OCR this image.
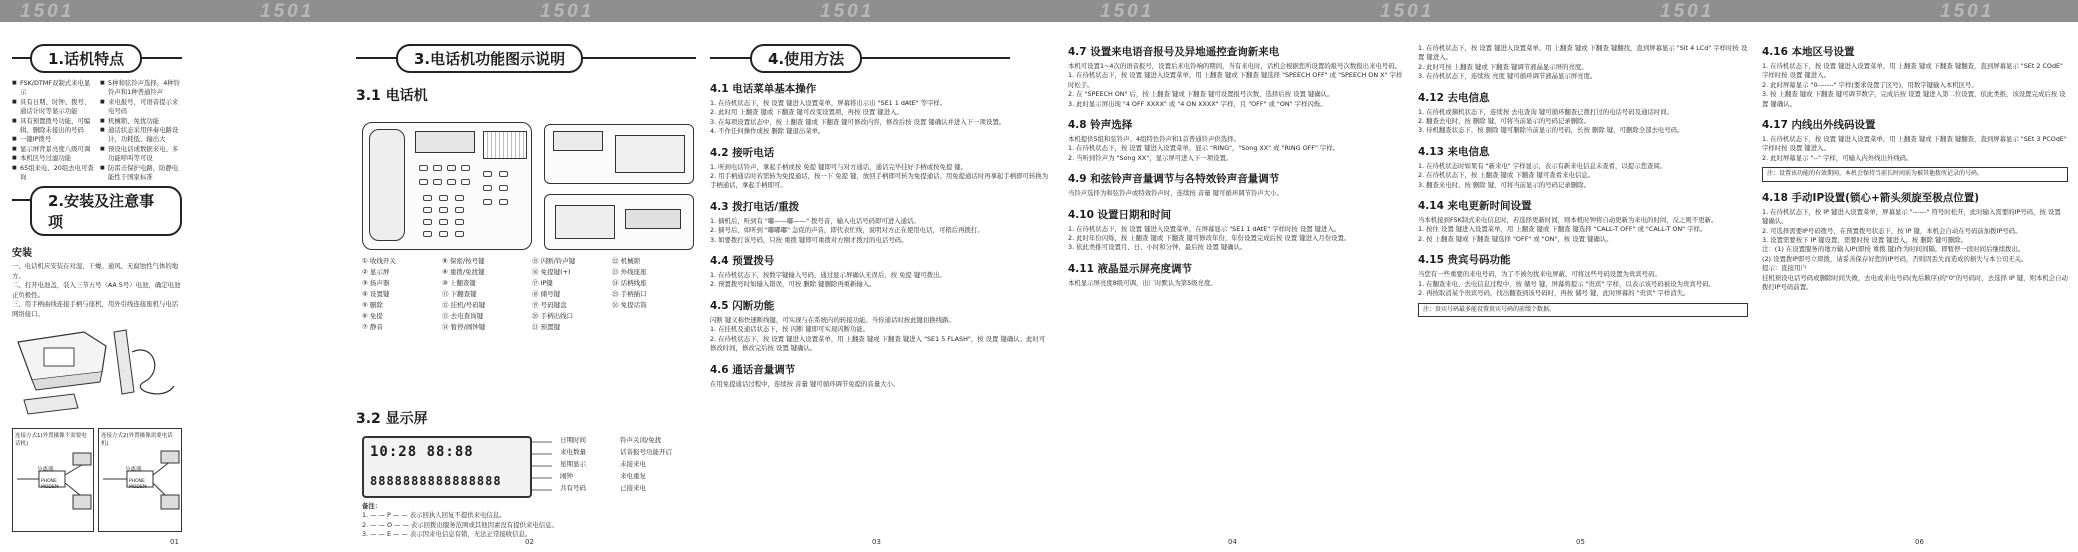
1501	1501	1501	1501	1501	1501	1501	1501
1.话机特点
■ FSK/DTMF双制式来电显示
■ 具有日期、时钟、拨号、通话计时等显示功能
■ 具有预置拨号功能，可编辑、删除未接出的号码
■ 一键IP拨号
■ 显示屏背景亮度八级可调
■ 本机区号过滤功能
■ 65组来电、20组去电可查询
■ 5种和弦铃声选择，4种铃铃声和1种普通铃声
■ 来电报号，可语音提示来电号码
■ 机械锁、免扰功能
■ 通话状态采用伴奏电路设计，功耗低、输出大
■ 预设电话或数据来电、多功能呼叫等可设
■ 防雷击保护电路，防静电能性于国家标准
2.安装及注意事项
安装
一、电话机应安装在对湿、干燥、通风、无腐蚀性气体的地方。
二、打开电池盖，装入三节五号（AA 5号）电池，确定电池正负极性。
三、用手柄曲线连接手柄与座机，用外引线连接座机与电话网络接口。
连接方式1(外置摄像不需要电话机)
分离器
PHONE
MODEM
连接方式2(外置摄像需要电话机)
分离器
PHONE
MODEM
01
3.电话机功能图示说明
3.1 电话机
① 收线开关	⑧ 保密/按号键	⑮ 闪断/铃声键	㉒ 机械锁
② 显示屏	⑨ 重拨/免扰键	⑯ 免提键(+)	㉓ 外线座座
③ 扬声器	⑩ 上翻查键	⑰ IP键	㉔ 话柄线座
④ 设置键	⑪ 下翻查键	⑱ 储号键	㉕ 手柄插口
⑤ 删除	⑫ 挂机/号码键	⑲ 号码键盘	㉖ 免提话筒
⑥ 免提	⑬ 去电查询键	⑳ 手柄出线口
⑦ 静音	⑭ 暂停/闹钟键	㉑ 预置键
3.2 显示屏
10:28 88:88
8888888888888888
日期时间
来电数量
星期显示
闹钟
共有号码
铃声关闭/免扰
话音报号功能开启
未接来电
来电重复
已接来电
备注：
1. — — P — — 表示回执人回复不提供来电信息。
2. — — O — — 表示回拨出服务范围或其他因素没有提供来电信息。
3. — — E — — 表示因来电信息有错，无法正常接收信息。
02
4.使用方法
4.1 电话菜单基本操作
1. 在待机状态下，按 设置 键进入设置菜单，屏幕将出示出 "SE1 1 dAtE" 等字样。
2. 此时用 上翻查 键或 下翻查 键可改变设置项，再按 设置 键进入。
3. 在每项设置状态中，按 上翻查 键或 下翻查 键可修改内容，修改后按 设置 键确认并进入下一项设置。
4. 不作任何操作或按 删除 键退出菜单。
4.2 接听电话
1. 听到电话铃声，拿起手柄或按 免提 键即可与对方通话，通话完毕挂好手柄或按免提 键。
2. 用手柄通话时若需转为免提通话，按一下 免提 键，放回手柄即可转为免提通话；用免提通话时再拿起手柄即可转换为手柄通话，拿起手柄即可。
4.3 拨打电话/重拨
1. 摘机后，听到有 "嘟——嘟——" 拨号音，输入电话号码即可进入通话。
2. 摘号后，如听到 "嘟嘟嘟" 急促的声音，即代表忙线，说明对方正在使用电话，可稍后再拨打。
3. 如要拨打该号码，只按 重拨 键即可重拨对方刚才拨过的电话号码。
4.4 预置拨号
1. 在待机状态下，按数字键输入号码，通过显示屏确认无误后，按 免提 键可拨出。
2. 预置拨号时如输入错误，可按 删除 键删除再重新输入。
4.5 闪断功能
闪断 键又称快速断线键，可实现与在系统内的转接功能。当你通话时按此键切换线路。
1. 在挂机及通话状态下，按 闪断 键即可实现闪断功能。
2. 在待机状态下，按 设置 键进入设置菜单，用 上翻查 键或 下翻查 键进入 "SE1 5 FLASH"，按 设置 键确认；此时可修改时间，修改完后按 设置 键确认。
4.6 通话音量调节
在用免提通话过程中，连续按 音量 键可循环调节免提的音量大小。
03
4.7 设置来电语音报号及异地遥控查询新来电
本机可设置1~4次的语音报号，设置后来电铃响的期间，当有来电时，话机会根据您所设置的报号次数报出来电号码。
1. 在待机状态下，按 设置 键进入设置菜单，用 上翻查 键或 下翻查 键选择 "SPEECH OFF" 或 "SPEECH ON X" 字样时松手。
2. 在 "SPEECH ON" 后，按 上翻查 键或 下翻查 键可设置报号次数，选择后按 设置 键确认。
3. 此时显示屏出现 "4 OFF XXXX" 或 "4 ON XXXX" 字样，且 "OFF" 或 "ON" 字样闪烁。
4.8 铃声选择
本机提供5组和弦铃声、4组特色铃声和1首普通铃声供选择。
1. 在待机状态下，按 设置 键进入设置菜单，显示 "RING"，"Song XX" 或 "RING OFF" 字样。
2. 当听到铃声为 "Song XX"，显示屏可进入下一项设置。
4.9 和弦铃声音量调节与各特效铃声音量调节
当铃声选择为和弦铃声或特效铃声时，连续按 音量 键可循环调节铃声大小。
4.10 设置日期和时间
1. 在待机状态下，按 设置 键进入设置菜单，在屏幕显示 "SE1 1 dAtE" 字样时按 设置 键进入。
2. 此时年份闪烁，按 上翻查 键或 下翻查 键可修改年份，年份设置完成后按 设置 键进入月份设置。
3. 依此类推可设置月、日、小时和分钟，最后按 设置 键确认。
4.11 液晶显示屏亮度调节
本机显示屏亮度8级可调，出厂时默认为第5级亮度。
04
1. 在待机状态下，按 设置 键进入设置菜单，用 上翻查 键或 下翻查 键翻找，直到屏幕显示 "Slt 4 LCd" 字样时按 设置 键进入。
2. 此时可按 上翻查 键或 下翻查 键调节液晶显示屏的亮度。
3. 在待机状态下，连续按 亮度 键可循环调节液晶显示屏亮度。
4.12 去电信息
1. 在待机或摘机状态下，连续按 去电查询 键可循环翻查已拨打过的电话号码及通话时间。
2. 翻查去电时，按 删除 键，可将当前显示的号码记录删除。
3. 待机翻查状态下，按 删除 键可删除当前显示的号码，长按 删除 键，可删除全部去电号码。
4.13 来电信息
1. 在待机状态时如果有 "新来电" 字样显示，表示有新来电信息未查看，以提示您查阅。
2. 在待机状态下，按 上翻查 键或 下翻查 键可查看来电信息。
3. 翻查来电时，按 删除 键，可将当前显示的号码记录删除。
4.14 来电更新时间设置
当本机接到FSK制式来电信息时，若选择更新时间，则本机时钟将自动更新为来电的时间，反之则不更新。
1. 按住 设置 键进入设置菜单，用 上翻查 键或 下翻查 键选择 "CALL-T OFF" 或 "CALL-T ON" 字样。
2. 按 上翻查 键或 下翻查 键选择 "OFF" 或 "ON"，按 设置 键确认。
4.15 贵宾号码功能
当您有一些重要的来电号码，为了不被勿扰来电屏蔽，可将这些号码设置为贵宾号码。
1. 在翻查来电、去电信息过程中，按 储号 键，屏幕将提示 "贵宾" 字样，以表示该号码被设为贵宾号码。
2. 再按取消某个贵宾号码，找出翻查到该号码时，再按 储号 键，此时屏幕的 "贵宾" 字样消失。
注：贵宾号码最多能设置贵宾号码的前缀个数据。
05
4.16 本地区号设置
1. 在待机状态下，按 设置 键进入设置菜单，用 上翻查 键或 下翻查 键翻查，直到屏幕显示 "SEt 2 COdE" 字样时按 设置 键进入。
2. 此时屏幕显示 "0-------" 字样(要求设置了区号)，用数字键输入本机区号。
3. 按 上翻查 键或 下翻查 键可调节数字，完成后按 设置 键进入第二位设置，依此类推，该设置完成后按 设置 键确认。
4.17 内线出外线码设置
1. 在待机状态下，按 设置 键进入设置菜单，用 上翻查 键或 下翻查 键翻查，直到屏幕显示 "SEt 3 PCOdE" 字样时按 设置 键进入。
2. 此时屏幕显示 "--" 字样，可输入内外线出外线码。
注：设置该功能的有效期间，本机会保持当前长时间前为被其他拨所记录的号码。
4.18 手动IP设置(锁心+箭头须旋至极点位置)
1. 在待机状态下，按 IP 键进入设置菜单，屏幕显示 "------" 符号时松开，此时输入需要的IP号码，按 设置 键确认。
2. 可选择需要IP号码拨号，在预置拨号状态下，按 IP 键，本机会自动在号码前加拨IP号码。
3. 设置需要按下 IP 键设置，需要时按 设置 键进入，按 删除 键可删除。
注：(1) 在设置服务的地方输入IP(即按 重拨 键)作为时间间隔，即暂停一段时间后继续拨出。
(2) 设置拨IP即号立即拨，请妥善保存好您的IP号码，否则因丢失而造成的损失与本公司无关。
提示：直接用户
挂机预设电话号码或删除时间失败，去电或来电号码(先后顺序)的"0"的号码时，去选择 IP 键，则本机会自动拨打IP号码前置。
06
